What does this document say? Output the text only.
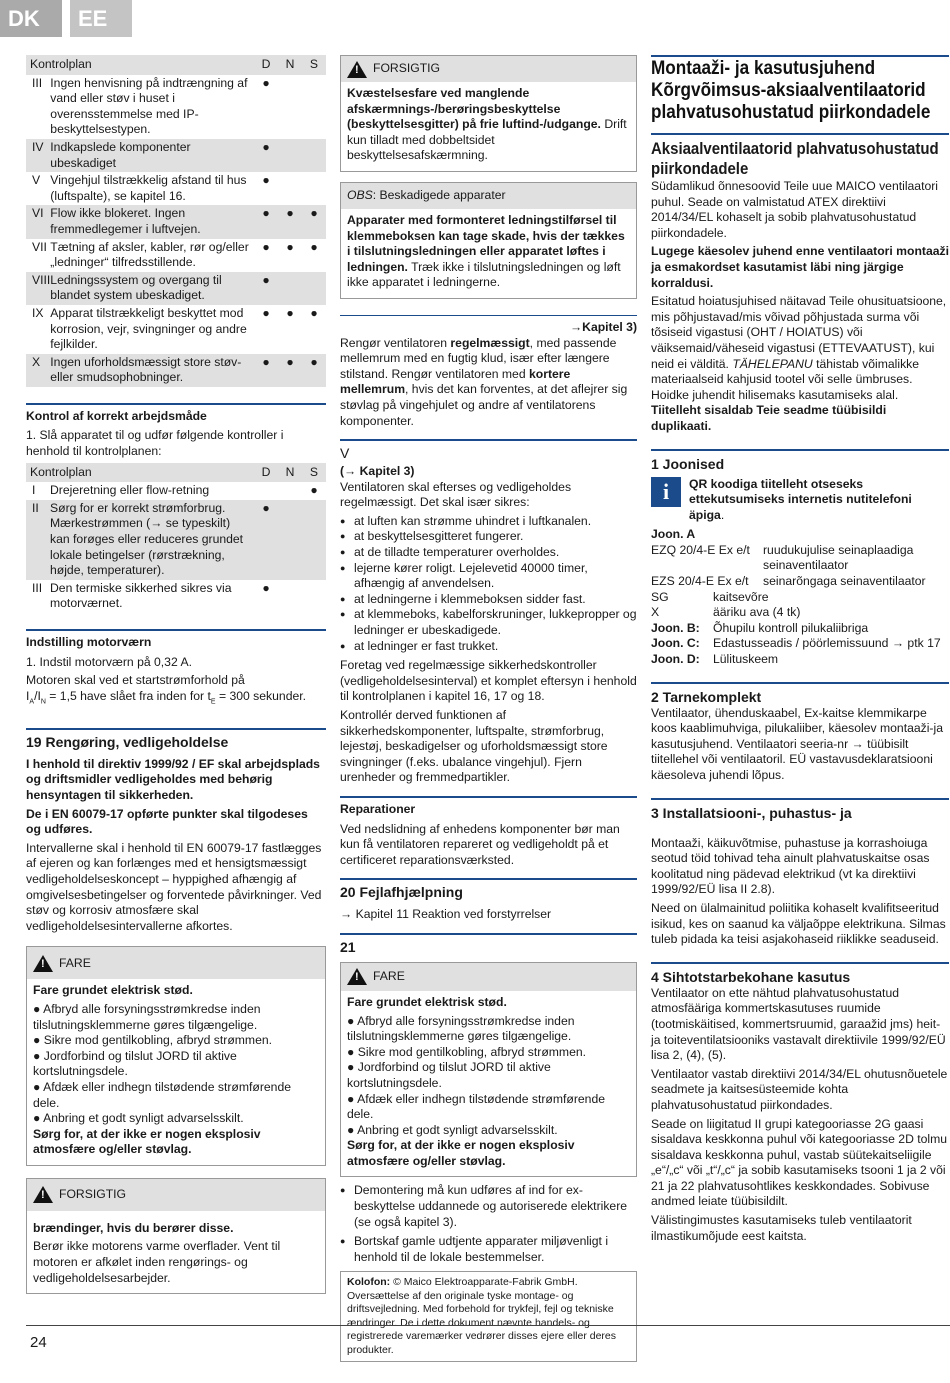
DK	EE
Kontrolplan		D	N	S
III	Ingen henvisning på indtrængning af vand eller støv i huset i overensstemmelse med IP-beskyttelsestypen.	●		
IV	Indkapslede komponenter ubeskadiget	●		
V	Vingehjul tilstrækkelig afstand til hus (luftspalte), se kapitel 16.	●		
VI	Flow ikke blokeret. Ingen fremmedlegemer i luftvejen.	●	●	●
VII	Tætning af aksler, kabler, rør og/eller „ledninger“ tilfredsstillende.	●	●	●
VIII	Ledningssystem og overgang til blandet system ubeskadiget.	●		
IX	Apparat tilstrækkeligt beskyttet mod korrosion, vejr, svingninger og andre fejlkilder.	●	●	●
X	Ingen uforholdsmæssigt store støv- eller smudsophobninger.	●	●	●
Kontrol af korrekt arbejdsmåde

1. Slå apparatet til og udfør følgende kontroller i henhold til kontrolplanen:

Kontrolplan		D	N	S
I	Drejeretning eller flow-retning			●
II	Sørg for er korrekt strømforbrug. Mærkestrømmen (→ se typeskilt) kan forøges eller reduceres grundet lokale betingelser (rørstrækning, højde, temperaturer).	●		
III	Den termiske sikkerhed sikres via motorværnet.	●		
Indstilling motorværn

1. Indstil motorværn på 0,32 A.

Motoren skal ved et startstrømforhold på
$I_A/I_N = 1,5$ have slået fra inden for $t_E = 300$ sekunder.

19 Rengøring, vedligeholdelse

I henhold til direktiv 1999/92 / EF skal arbejdsplads og driftsmidler vedligeholdes med behørig hensyntagen til sikkerheden.

De i EN 60079-17 opførte punkter skal tilgodeses og udføres.

Intervallerne skal i henhold til EN 60079-17 fastlægges af ejeren og kan forlænges med et hensigtsmæssigt vedligeholdelseskoncept – hyppighed afhængig af omgivelsesbetingelser og forventede påvirkninger. Ved støv og korrosiv atmosfære skal vedligeholdelsesintervallerne afkortes.

!
FARE

Fare grundet elektrisk stød.

● Afbryd alle forsyningsstrømkredse inden tilslutningsklemmerne gøres tilgængelige.
● Sikre mod gentilkobling, afbryd strømmen.
● Jordforbind og tilslut JORD til aktive kortslutningsdele.
● Afdæk eller indhegn tilstødende strømførende dele.
● Anbring et godt synligt advarselsskilt.

Sørg for, at der ikke er nogen eksplosiv atmosfære og/eller støvlag.

!
FORSIGTIG

brændinger, hvis du berører disse.

Berør ikke motorens varme overflader. Vent til motoren er afkølet inden rengørings- og vedligeholdelsesarbejder.

!
FORSIGTIG

Kvæstelsesfare ved manglende afskærmnings-/berøringsbeskyttelse (beskyttelsesgitter) på frie luftind-/udgange. Drift kun tilladt med dobbeltsidet beskyttelsesafskærmning.

OBS: Beskadigede apparater

Apparater med formonteret ledningstilførsel til klemmeboksen kan tage skade, hvis der tækkes i tilslutningsledningen eller apparatet løftes i ledningen. Træk ikke i tilslutningsledningen og løft ikke apparatet i ledningerne.

→Kapitel 3)

Rengør ventilatoren regelmæssigt, med passende mellemrum med en fugtig klud, især efter længere stilstand. Rengør ventilatoren med kortere mellemrum, hvis det kan forventes, at det aflejrer sig støvlag på vingehjulet og andre af ventilatorens komponenter.

V
(→ Kapitel 3)

Ventilatoren skal efterses og vedligeholdes regelmæssigt. Det skal især sikres:

● at luften kan strømme uhindret i luftkanalen.
● at beskyttelsesgitteret fungerer.
● at de tilladte temperaturer overholdes.
● lejerne kører roligt. Lejelevetid 40000 timer, afhængig af anvendelsen.
● at ledningerne i klemmeboksen sidder fast.
● at klemmeboks, kabelforskruninger, lukkeproppеr og ledninger er ubeskadigede.
● at ledninger er fast trukket.

Foretag ved regelmæssige sikkerhedskontroller (vedligeholdelsesinterval) et komplet eftersyn i henhold til kontrolplanen i kapitel 16, 17 og 18.

Kontrollér derved funktionen af sikkerhedskomponenter, luftspalte, strømforbrug, lejestøj, beskadigelser og uforholdsmæssigt store svingninger (f.eks. ubalance vingehjul). Fjern urenheder og fremmedpartikler.

Reparationer

Ved nedslidning af enhedens komponenter bør man kun få ventilatoren repareret og vedligeholdt på et certificeret reparationsværksted.

20 Fejlafhjælpning

→ Kapitel 11 Reaktion ved forstyrrelser

21
!
FARE

Fare grundet elektrisk stød.

● Afbryd alle forsyningsstrømkredse inden tilslutningsklemmerne gøres tilgængelige.
● Sikre mod gentilkobling, afbryd strømmen.
● Jordforbind og tilslut JORD til aktive kortslutningsdele.
● Afdæk eller indhegn tilstødende strømførende dele.
● Anbring et godt synligt advarselsskilt.

Sørg for, at der ikke er nogen eksplosiv atmosfære og/eller støvlag.

● Demontering må kun udføres af ind for ex-beskyttelse uddannede og autoriserede elektrikere (se også kapitel 3).
● Bortskaf gamle udtjente apparater miljøvenligt i henhold til de lokale bestemmelser.
Kolofon: © Maico Elektroapparate-Fabrik GmbH. Oversættelse af den originale tyske montage- og driftsvejledning. Med forbehold for trykfejl, fejl og tekniske ændringer. De i dette dokument nævnte handels- og registrerede varemærker vedrører disses ejere eller deres produkter.
Montaaži- ja kasutusjuhend
Kõrgvõimsus-aksiaalventilaatorid plahvatusohustatud piirkondadele
Aksiaalventilaatorid plahvatusohustatud piirkondadele

Südamlikud õnnesoovid Teile uue MAICO ventilaatori puhul. Seade on valmistatud ATEX direktiivi 2014/34/EL kohaselt ja sobib plahvatusohustatud piirkondadele.

Lugege käesolev juhend enne ventilaatori montaaži ja esmakordset kasutamist läbi ning järgige korraldusi.

Esitatud hoiatusjuhised näitavad Teile ohusituatsioone, mis põhjustavad/mis võivad põhjustada surma või tõsiseid vigastusi (OHT / HOIATUS) või väiksemaid/väheseid vigastusi (ETTEVAATUST), kui neid ei välditä. TÄHELEPANU tähistab võimalikke materiaalseid kahjusid tootel või selle ümbruses. Hoidke juhendit hilisemaks kasutamiseks alal. Tiitelleht sisaldab Teie seadme tüübisildi duplikaati.

1 Joonised
i	QR koodiga tiitelleht otseseks ettekutsumiseks internetis nutitelefoni äpiga.
Joon. A
EZQ 20/4-E Ex e/t	ruudukujulise seinaplaadiga seinaventilaator
EZS 20/4-E Ex e/t	seinarõngaga seinaventilaator
SG	kaitsevõre
X	ääriku ava (4 tk)
Joon. B:	Õhupilu kontroll pilukaliibriga
Joon. C:	Edastusseadis / pöörlemissuund → ptk 17
Joon. D:	Lülituskeem
2 Tarnekomplekt

Ventilaator, ühenduskaabel, Ex-kaitse klemmikarpe koos kaablimuhviga, pilukaliiber, käesolev montaaži-ja kasutusjuhend. Ventilaatori seeria-nr → tüübisilt tiitellehel või ventilaatoril. EÜ vastavusdeklaratsiooni käesoleva juhendi lõpus.

3 Installatsiooni-, puhastus- ja

Montaaži, käikuvõtmise, puhastuse ja korrashoiuga seotud töid tohivad teha ainult plahvatuskaitse osas koolitatud ning pädevad elektrikud (vt ka direktiivi 1999/92/EÜ lisa II 2.8).

Need on ülalmainitud poliitika kohaselt kvalifitseeritud isikud, kes on saanud ka väljaõppe elektrikuna. Silmas tuleb pidada ka teisi asjakohaseid riiklikke seaduseid.

4 Sihtotstarbekohane kasutus

Ventilaator on ette nähtud plahvatusohustatud atmosfääriga kommertskasutuses ruumide (tootmiskäitised, kommertsruumid, garaažid jms) heit- ja toiteventilatsiooniks vastavalt direktiivile 1999/92/EÜ lisa 2, (4), (5).

Ventilaator vastab direktiivi 2014/34/EL ohutusnõuetele seadmete ja kaitsesüsteemide kohta plahvatusohustatud piirkondades.

Seade on liigitatud II grupi kategooriasse 2G gaasi sisaldava keskkonna puhul või kategooriasse 2D tolmu sisaldava keskkonna puhul, vastab süütekaitseliigile „e“/„c“ või „t“/„c“ ja sobib kasutamiseks tsooni 1 ja 2 või 21 ja 22 plahvatusohtlikes keskkondades. Sobivuse andmed leiate tüübisildilt.

Välistingimustes kasutamiseks tuleb ventilaatorit ilmastikumõjude eest kaitsta.

24
